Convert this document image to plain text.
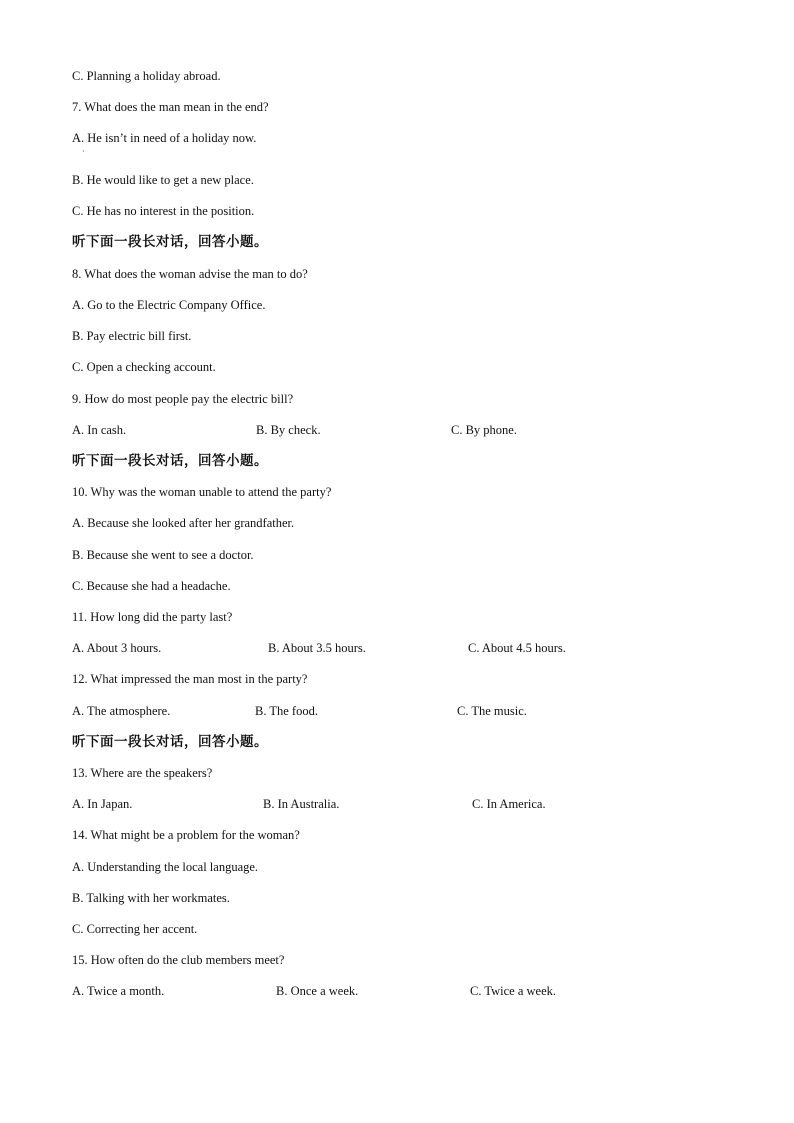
C. Planning a holiday abroad.
7. What does the man mean in the end?
A. He isn’t in need of a holiday now.
·
B. He would like to get a new place.
C. He has no interest in the position.
听下面一段长对话，回答小题。
8. What does the woman advise the man to do?
A. Go to the Electric Company Office.
B. Pay electric bill first.
C. Open a checking account.
9. How do most people pay the electric bill?
A. In cash.	B. By check.	C. By phone.
听下面一段长对话，回答小题。
10. Why was the woman unable to attend the party?
A. Because she looked after her grandfather.
B. Because she went to see a doctor.
C. Because she had a headache.
11. How long did the party last?
A. About 3 hours.	B. About 3.5 hours.	C. About 4.5 hours.
12. What impressed the man most in the party?
A. The atmosphere.	B. The food.	C. The music.
听下面一段长对话，回答小题。
13. Where are the speakers?
A. In Japan.	B. In Australia.	C. In America.
14. What might be a problem for the woman?
A. Understanding the local language.
B. Talking with her workmates.
C. Correcting her accent.
15. How often do the club members meet?
A. Twice a month.	B. Once a week.	C. Twice a week.
